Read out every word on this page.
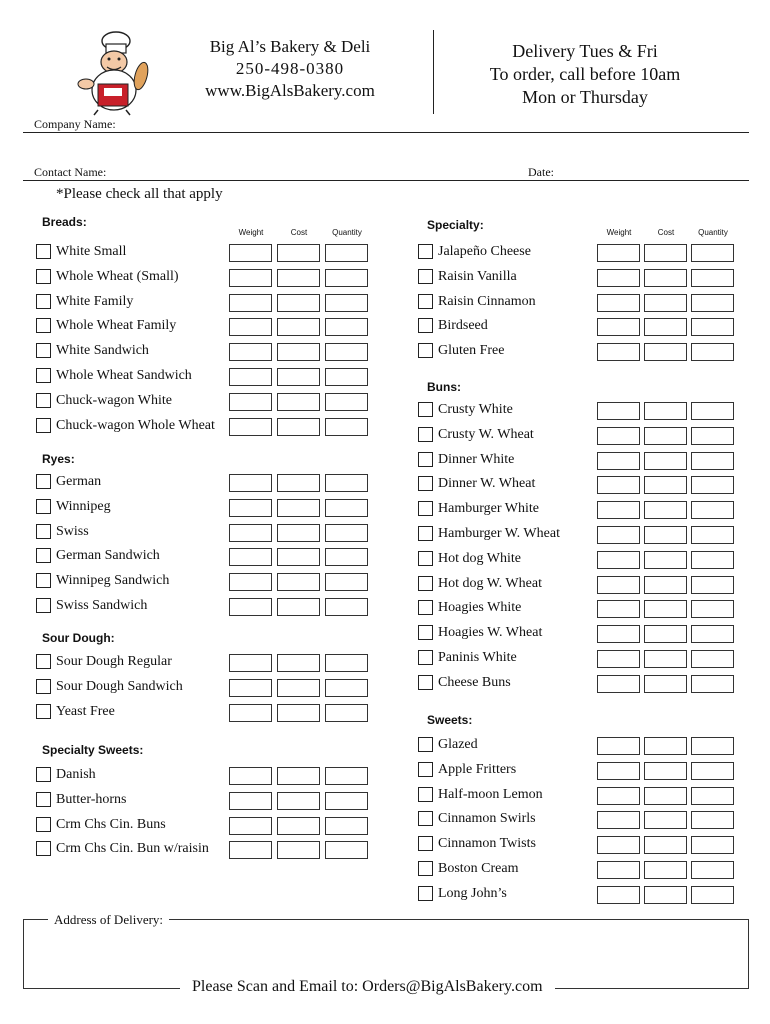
Big Al’s Bakery & Deli
250-498-0380
www.BigAlsBakery.com
Delivery Tues & Fri
To order, call before 10am
Mon or Thursday
Company Name:
Contact Name:	Date:
*Please check all that apply
Weight	Cost	Quantity	Weight	Cost	Quantity
Breads:
White Small
Whole Wheat (Small)
White Family
Whole Wheat Family
White Sandwich
Whole Wheat Sandwich
Chuck-wagon White
Chuck-wagon Whole Wheat
Ryes:
German
Winnipeg
Swiss
German Sandwich
Winnipeg Sandwich
Swiss Sandwich
Sour Dough:
Sour Dough Regular
Sour Dough Sandwich
Yeast Free
Specialty Sweets:
Danish
Butter-horns
Crm Chs Cin. Buns
Crm Chs Cin. Bun w/raisin
Specialty:
Jalapeño Cheese
Raisin Vanilla
Raisin Cinnamon
Birdseed
Gluten Free
Buns:
Crusty White
Crusty W. Wheat
Dinner White
Dinner W. Wheat
Hamburger White
Hamburger W. Wheat
Hot dog White
Hot dog W. Wheat
Hoagies White
Hoagies W. Wheat
Paninis White
Cheese Buns
Sweets:
Glazed
Apple Fritters
Half-moon Lemon
Cinnamon Swirls
Cinnamon Twists
Boston Cream
Long John’s
Address of Delivery:
Please Scan and Email to: Orders@BigAlsBakery.com
